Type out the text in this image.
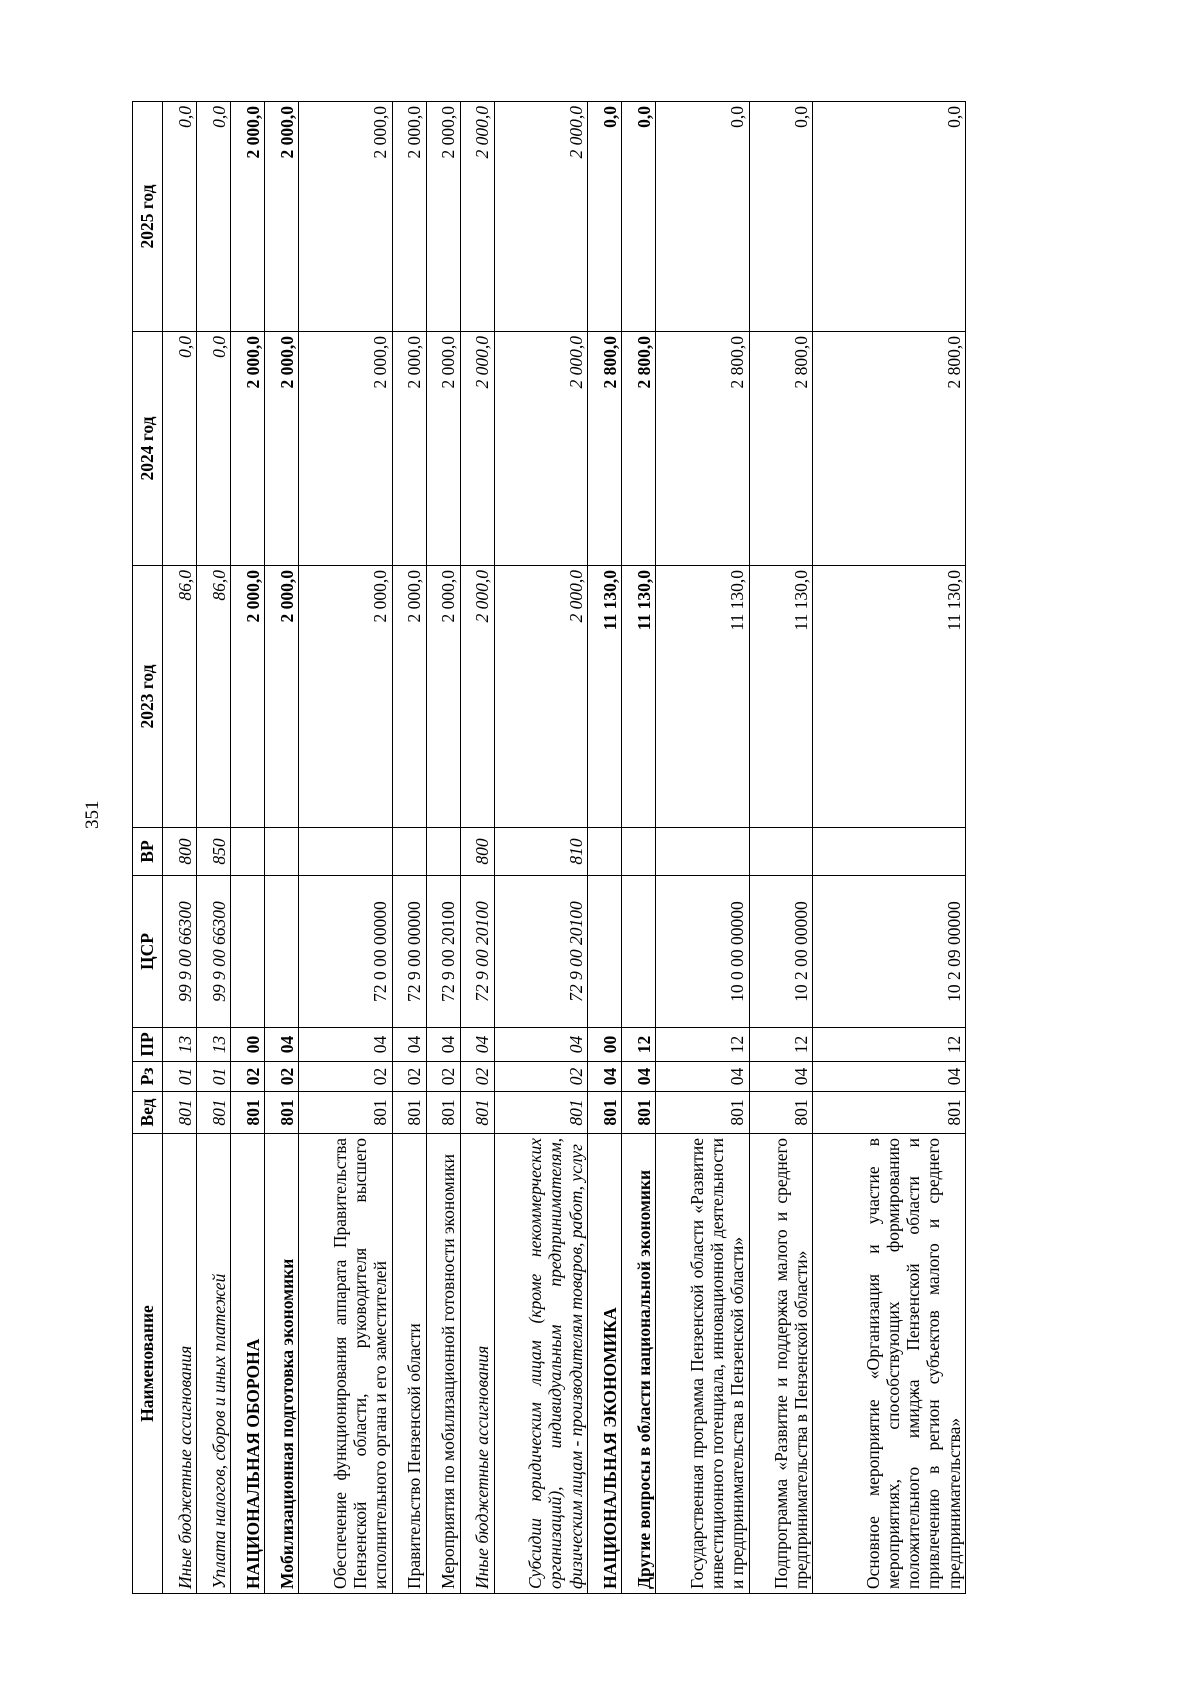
351
Наименование	Вед	Рз	ПР	ЦСР	ВР	2023 год	2024 год	2025 год
Иные бюджетные ассигнования	801	01	13	99 9 00 66300	800	86,0	0,0	0,0
Уплата налогов, сборов и иных платежей	801	01	13	99 9 00 66300	850	86,0	0,0	0,0
НАЦИОНАЛЬНАЯ ОБОРОНА	801	02	00			2 000,0	2 000,0	2 000,0
Мобилизационная подготовка экономики	801	02	04			2 000,0	2 000,0	2 000,0
Обеспечение функционирования аппарата Правительства Пензенской области, руководителя высшего исполнительного органа и его заместителей	801	02	04	72 0 00 00000		2 000,0	2 000,0	2 000,0
Правительство Пензенской области	801	02	04	72 9 00 00000		2 000,0	2 000,0	2 000,0
Мероприятия по мобилизационной готовности экономики	801	02	04	72 9 00 20100		2 000,0	2 000,0	2 000,0
Иные бюджетные ассигнования	801	02	04	72 9 00 20100	800	2 000,0	2 000,0	2 000,0
Субсидии юридическим лицам (кроме некоммерческих организаций), индивидуальным предпринимателям, физическим лицам - производителям товаров, работ, услуг	801	02	04	72 9 00 20100	810	2 000,0	2 000,0	2 000,0
НАЦИОНАЛЬНАЯ ЭКОНОМИКА	801	04	00			11 130,0	2 800,0	0,0
Другие вопросы в области национальной экономики	801	04	12			11 130,0	2 800,0	0,0
Государственная программа Пензенской области «Развитие инвестиционного потенциала, инновационной деятельности и предпринимательства в Пензенской области»	801	04	12	10 0 00 00000		11 130,0	2 800,0	0,0
Подпрограмма «Развитие и поддержка малого и среднего предпринимательства в Пензенской области»	801	04	12	10 2 00 00000		11 130,0	2 800,0	0,0
Основное мероприятие «Организация и участие в мероприятиях, способствующих формированию положительного имиджа Пензенской области и привлечению в регион субъектов малого и среднего предпринимательства»	801	04	12	10 2 09 00000		11 130,0	2 800,0	0,0
